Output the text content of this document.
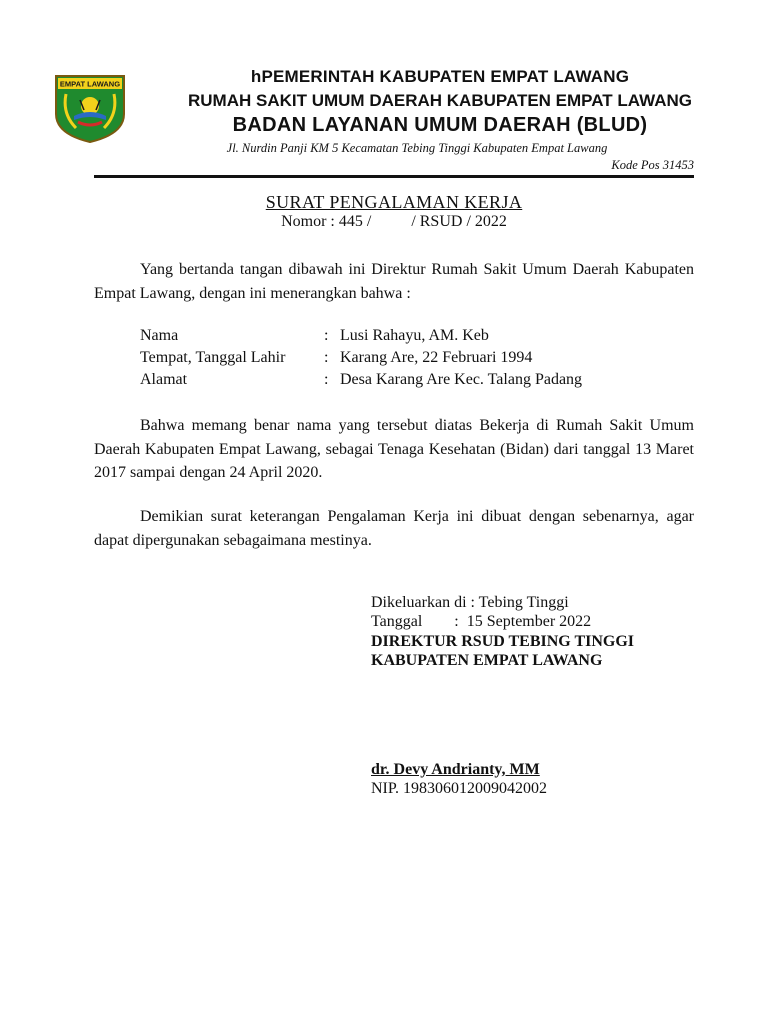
EMPAT LAWANG	hPEMERINTAH KABUPATEN EMPAT LAWANG
RUMAH SAKIT UMUM DAERAH KABUPATEN EMPAT LAWANG
BADAN LAYANAN UMUM DAERAH (BLUD)
Jl. Nurdin Panji KM 5 Kecamatan Tebing Tinggi Kabupaten Empat Lawang
Kode Pos 31453
SURAT PENGALAMAN KERJA
Nomor : 445 /          / RSUD / 2022
Yang bertanda tangan dibawah ini Direktur Rumah Sakit Umum Daerah Kabupaten Empat Lawang, dengan ini menerangkan bahwa :
Nama	: Lusi Rahayu, AM. Keb
Tempat, Tanggal Lahir : Karang Are, 22 Februari 1994
Alamat	: Desa Karang Are Kec. Talang Padang
Bahwa memang benar nama yang tersebut diatas Bekerja di Rumah Sakit Umum Daerah Kabupaten Empat Lawang, sebagai Tenaga Kesehatan (Bidan) dari tanggal 13 Maret 2017 sampai dengan 24 April 2020.
Demikian surat keterangan Pengalaman Kerja ini dibuat dengan sebenarnya, agar dapat dipergunakan sebagaimana mestinya.
Dikeluarkan di : Tebing Tinggi
Tanggal        :  15 September 2022
DIREKTUR RSUD TEBING TINGGI
KABUPATEN EMPAT LAWANG
dr. Devy Andrianty, MM
NIP. 198306012009042002
